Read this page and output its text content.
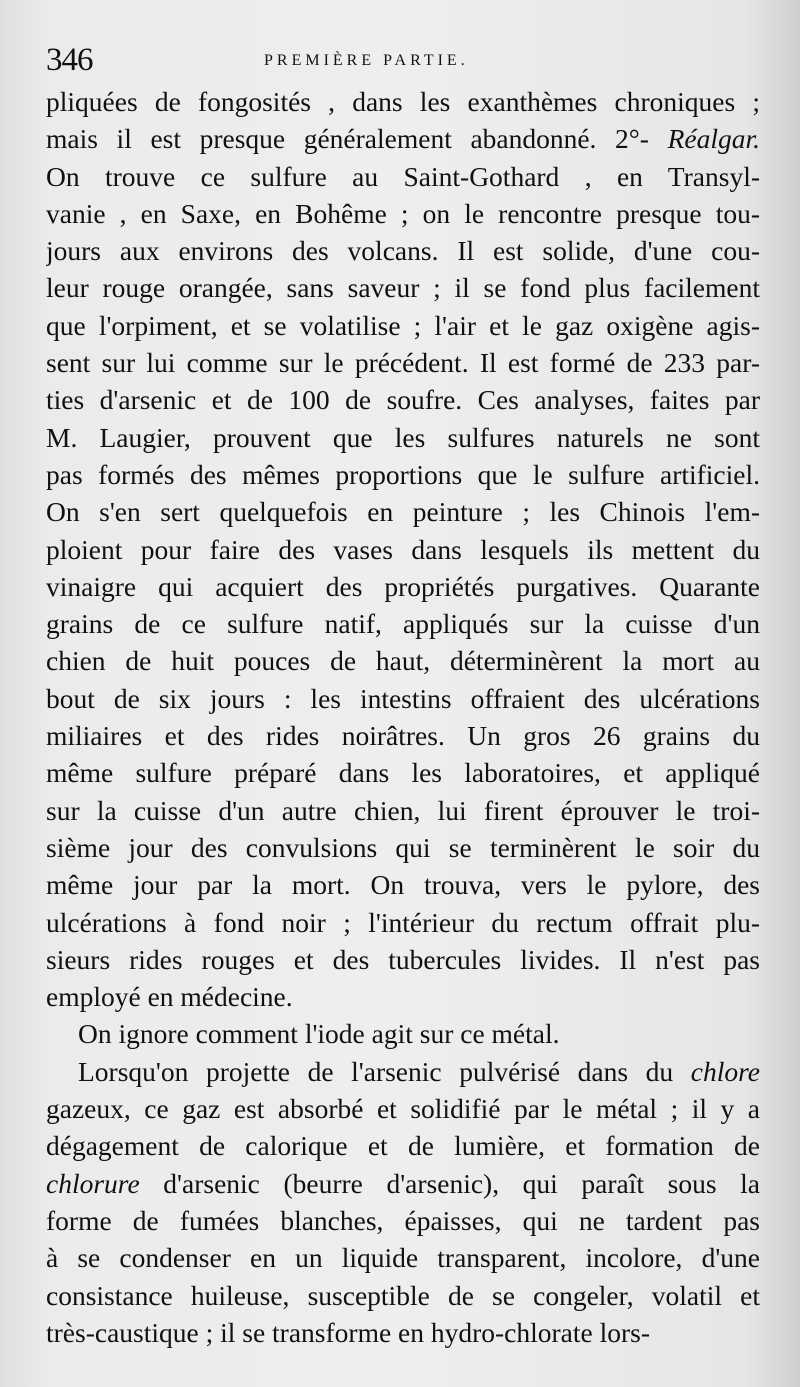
346	PREMIÈRE PARTIE.
pliquées de fongosités , dans les exanthèmes chroniques ;
mais il est presque généralement abandonné. 2°- Réalgar.
On trouve ce sulfure au Saint-Gothard , en Transyl-
vanie , en Saxe, en Bohême ; on le rencontre presque tou-
jours aux environs des volcans. Il est solide, d'une cou-
leur rouge orangée, sans saveur ; il se fond plus facilement
que l'orpiment, et se volatilise ; l'air et le gaz oxigène agis-
sent sur lui comme sur le précédent. Il est formé de 233 par-
ties d'arsenic et de 100 de soufre. Ces analyses, faites par
M. Laugier, prouvent que les sulfures naturels ne sont
pas formés des mêmes proportions que le sulfure artificiel.
On s'en sert quelquefois en peinture ; les Chinois l'em-
ploient pour faire des vases dans lesquels ils mettent du
vinaigre qui acquiert des propriétés purgatives. Quarante
grains de ce sulfure natif, appliqués sur la cuisse d'un
chien de huit pouces de haut, déterminèrent la mort au
bout de six jours : les intestins offraient des ulcérations
miliaires et des rides noirâtres. Un gros 26 grains du
même sulfure préparé dans les laboratoires, et appliqué
sur la cuisse d'un autre chien, lui firent éprouver le troi-
sième jour des convulsions qui se terminèrent le soir du
même jour par la mort. On trouva, vers le pylore, des
ulcérations à fond noir ; l'intérieur du rectum offrait plu-
sieurs rides rouges et des tubercules livides. Il n'est pas
employé en médecine.
On ignore comment l'iode agit sur ce métal.
Lorsqu'on projette de l'arsenic pulvérisé dans du chlore
gazeux, ce gaz est absorbé et solidifié par le métal ; il y a
dégagement de calorique et de lumière, et formation de
chlorure d'arsenic (beurre d'arsenic), qui paraît sous la
forme de fumées blanches, épaisses, qui ne tardent pas
à se condenser en un liquide transparent, incolore, d'une
consistance huileuse, susceptible de se congeler, volatil et
très-caustique ; il se transforme en hydro-chlorate lors-
